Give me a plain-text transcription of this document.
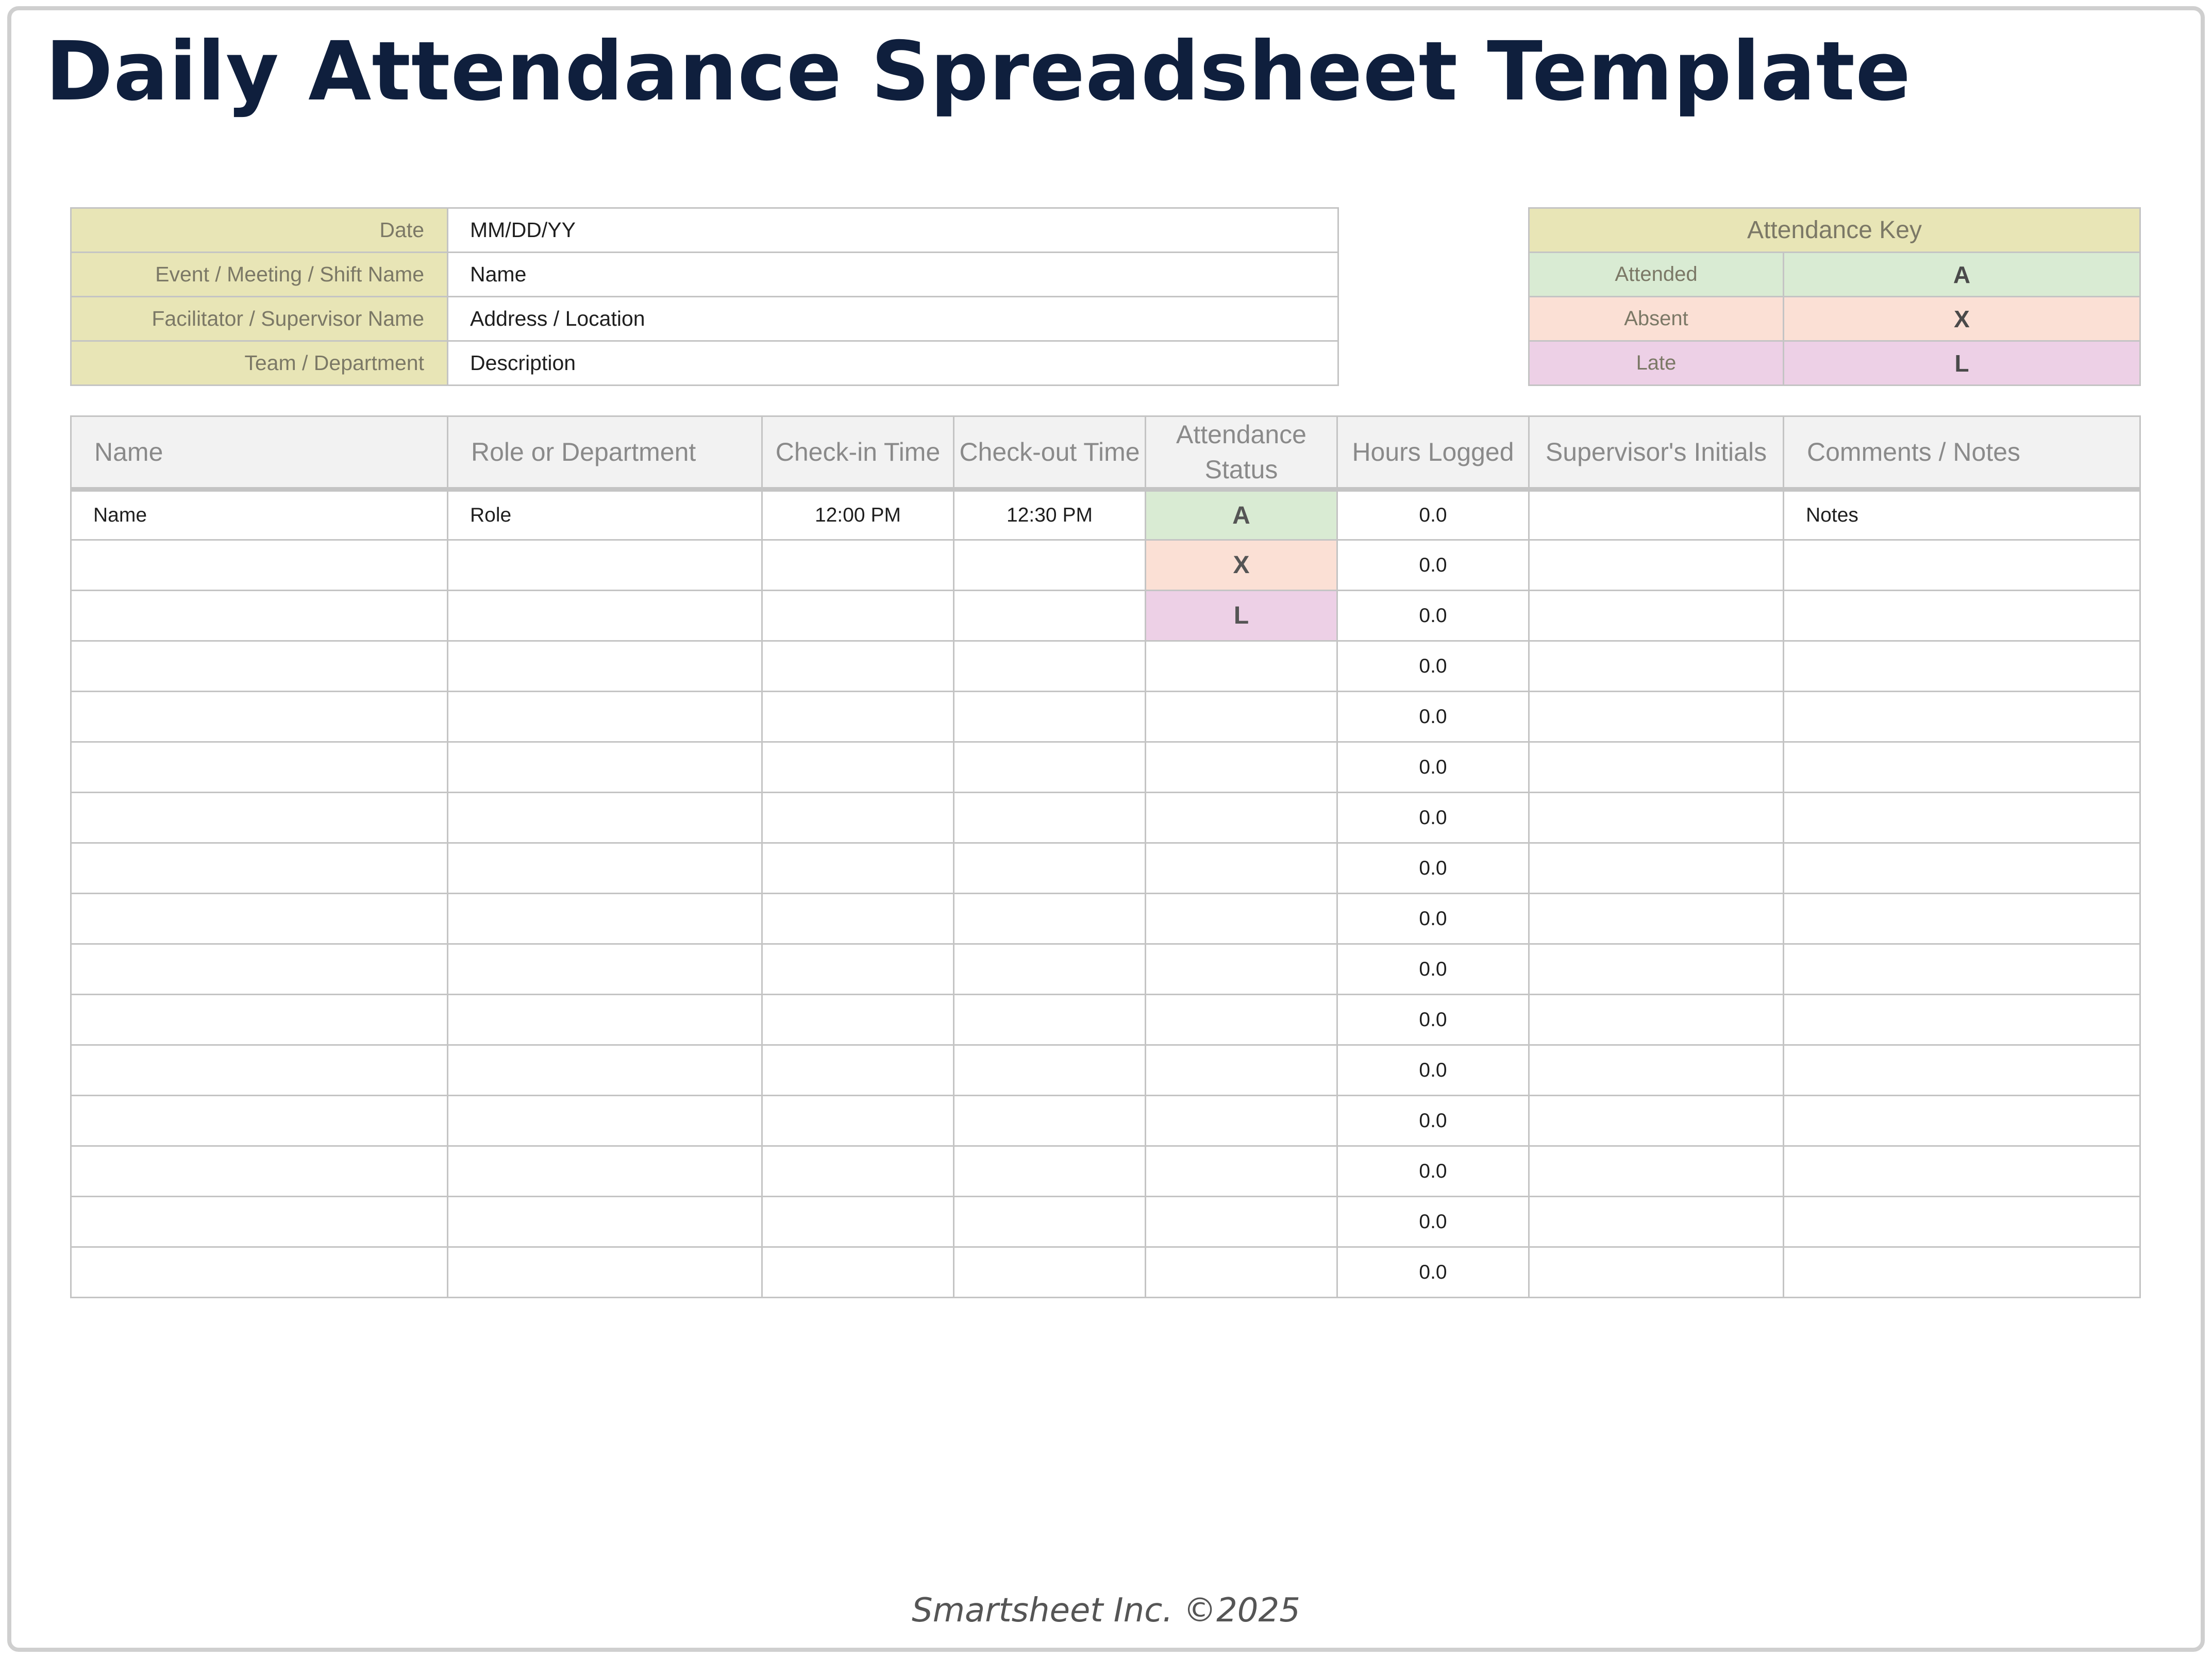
Daily Attendance Spreadsheet Template
Date	MM/DD/YY
Event / Meeting / Shift Name	Name
Facilitator / Supervisor Name	Address / Location
Team / Department	Description
Attendance Key	
Attended	A
Absent	X
Late	L
Name	Role or Department	Check-in Time	Check-out Time	Attendance Status	Hours Logged	Supervisor's Initials	Comments / Notes
Name	Role	12:00 PM	12:30 PM	A	0.0		Notes
				X	0.0		
				L	0.0		
					0.0		
					0.0		
					0.0		
					0.0		
					0.0		
					0.0		
					0.0		
					0.0		
					0.0		
					0.0		
					0.0		
					0.0		
					0.0		
Smartsheet Inc. ©2025
